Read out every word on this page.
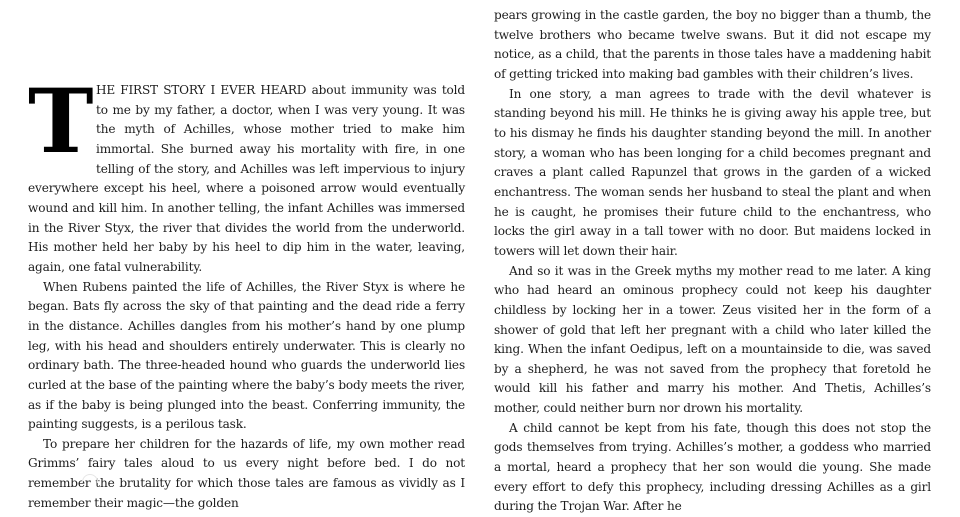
THE FIRST STORY I EVER HEARD about immunity was told to me by my father, a doctor, when I was very young. It was the myth of Achilles, whose mother tried to make him immortal. She burned away his mortality with fire, in one telling of the story, and Achilles was left impervious to injury everywhere except his heel, where a poisoned arrow would eventually wound and kill him. In another telling, the infant Achilles was immersed in the River Styx, the river that divides the world from the underworld. His mother held her baby by his heel to dip him in the water, leaving, again, one fatal vulnerability.

When Rubens painted the life of Achilles, the River Styx is where he began. Bats fly across the sky of that painting and the dead ride a ferry in the distance. Achilles dangles from his mother’s hand by one plump leg, with his head and shoulders entirely underwater. This is clearly no ordinary bath. The three-headed hound who guards the underworld lies curled at the base of the painting where the baby’s body meets the river, as if the baby is being plunged into the beast. Conferring immunity, the painting suggests, is a perilous task.

To prepare her children for the hazards of life, my own mother read Grimms’ fairy tales aloud to us every night before bed. I do not remember the brutality for which those tales are famous as vividly as I remember their magic—the golden

pears growing in the castle garden, the boy no bigger than a thumb, the twelve brothers who became twelve swans. But it did not escape my notice, as a child, that the parents in those tales have a maddening habit of getting tricked into making bad gambles with their children’s lives.

In one story, a man agrees to trade with the devil whatever is standing beyond his mill. He thinks he is giving away his apple tree, but to his dismay he finds his daughter standing beyond the mill. In another story, a woman who has been longing for a child becomes pregnant and craves a plant called Rapunzel that grows in the garden of a wicked enchantress. The woman sends her husband to steal the plant and when he is caught, he promises their future child to the enchantress, who locks the girl away in a tall tower with no door. But maidens locked in towers will let down their hair.

And so it was in the Greek myths my mother read to me later. A king who had heard an ominous prophecy could not keep his daughter childless by locking her in a tower. Zeus visited her in the form of a shower of gold that left her pregnant with a child who later killed the king. When the infant Oedipus, left on a mountainside to die, was saved by a shepherd, he was not saved from the prophecy that foretold he would kill his father and marry his mother. And Thetis, Achilles’s mother, could neither burn nor drown his mortality.

A child cannot be kept from his fate, though this does not stop the gods themselves from trying. Achilles’s mother, a goddess who married a mortal, heard a prophecy that her son would die young. She made every effort to defy this prophecy, including dressing Achilles as a girl during the Trojan War. After he
